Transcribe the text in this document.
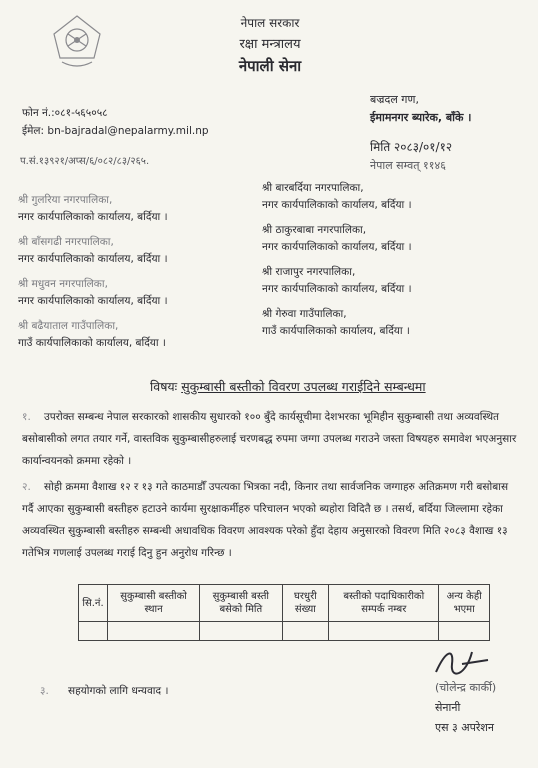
नेपाल सरकार
रक्षा मन्त्रालय
नेपाली सेना
फोन नं.:०८१-५६५०५८
ईमेल: bn-bajradal@nepalarmy.mil.np
प.सं.१३९२१/अप्स/६/०८२/८३/२६५.
बज्रदल गण,
ईमामनगर ब्यारेक, बाँके ।
मिति २०८३/०१/१२
नेपाल सम्वत् ११४६
श्री गुलरिया नगरपालिका,
नगर कार्यपालिकाको कार्यालय, बर्दिया ।
श्री बाँसगढी नगरपालिका,
नगर कार्यपालिकाको कार्यालय, बर्दिया ।
श्री मधुवन नगरपालिका,
नगर कार्यपालिकाको कार्यालय, बर्दिया ।
श्री बढैयाताल गाउँपालिका,
गाउँ कार्यपालिकाको कार्यालय, बर्दिया ।
श्री बारबर्दिया नगरपालिका,
नगर कार्यपालिकाको कार्यालय, बर्दिया ।
श्री ठाकुरबाबा नगरपालिका,
नगर कार्यपालिकाको कार्यालय, बर्दिया ।
श्री राजापुर नगरपालिका,
नगर कार्यपालिकाको कार्यालय, बर्दिया ।
श्री गेरुवा गाउँपालिका,
गाउँ कार्यपालिकाको कार्यालय, बर्दिया ।
विषयः सुकुम्बासी बस्तीको विवरण उपलब्ध गराईदिने सम्बन्धमा
१. उपरोक्त सम्बन्ध नेपाल सरकारको शासकीय सुधारको १०० बुँदे कार्यसूचीमा देशभरका भूमिहीन सुकुम्बासी तथा अव्यवस्थित बसोबासीको लगत तयार गर्ने, वास्तविक सुकुम्बासीहरुलाई चरणबद्ध रुपमा जग्गा उपलब्ध गराउने जस्ता विषयहरु समावेश भएअनुसार कार्यान्वयनको क्रममा रहेको ।
२. सोही क्रममा वैशाख १२ र १३ गते काठमाडौँ उपत्यका भित्रका नदी, किनार तथा सार्वजनिक जग्गाहरु अतिक्रमण गरी बसोबास गर्दै आएका सुकुम्बासी बस्तीहरु हटाउने कार्यमा सुरक्षाकर्मीहरु परिचालन भएको ब्यहोरा विदितै छ । तसर्थ, बर्दिया जिल्लामा रहेका अव्यवस्थित सुकुम्बासी बस्तीहरु सम्बन्धी अधावधिक विवरण आवश्यक परेको हुँदा देहाय अनुसारको विवरण मिति २०८३ वैशाख १३ गतेभित्र गणलाई उपलब्ध गराई दिनु हुन अनुरोध गरिन्छ ।
सि.नं.	सुकुम्बासी बस्तीको स्थान	सुकुम्बासी बस्ती बसेको मिति	घरधुरी संख्या	बस्तीको पदाधिकारीको सम्पर्क नम्बर	अन्य केही भएमा

३. सहयोगको लागि धन्यवाद ।	(चोलेन्द्र कार्की)
सेनानी
एस ३ अपरेशन
